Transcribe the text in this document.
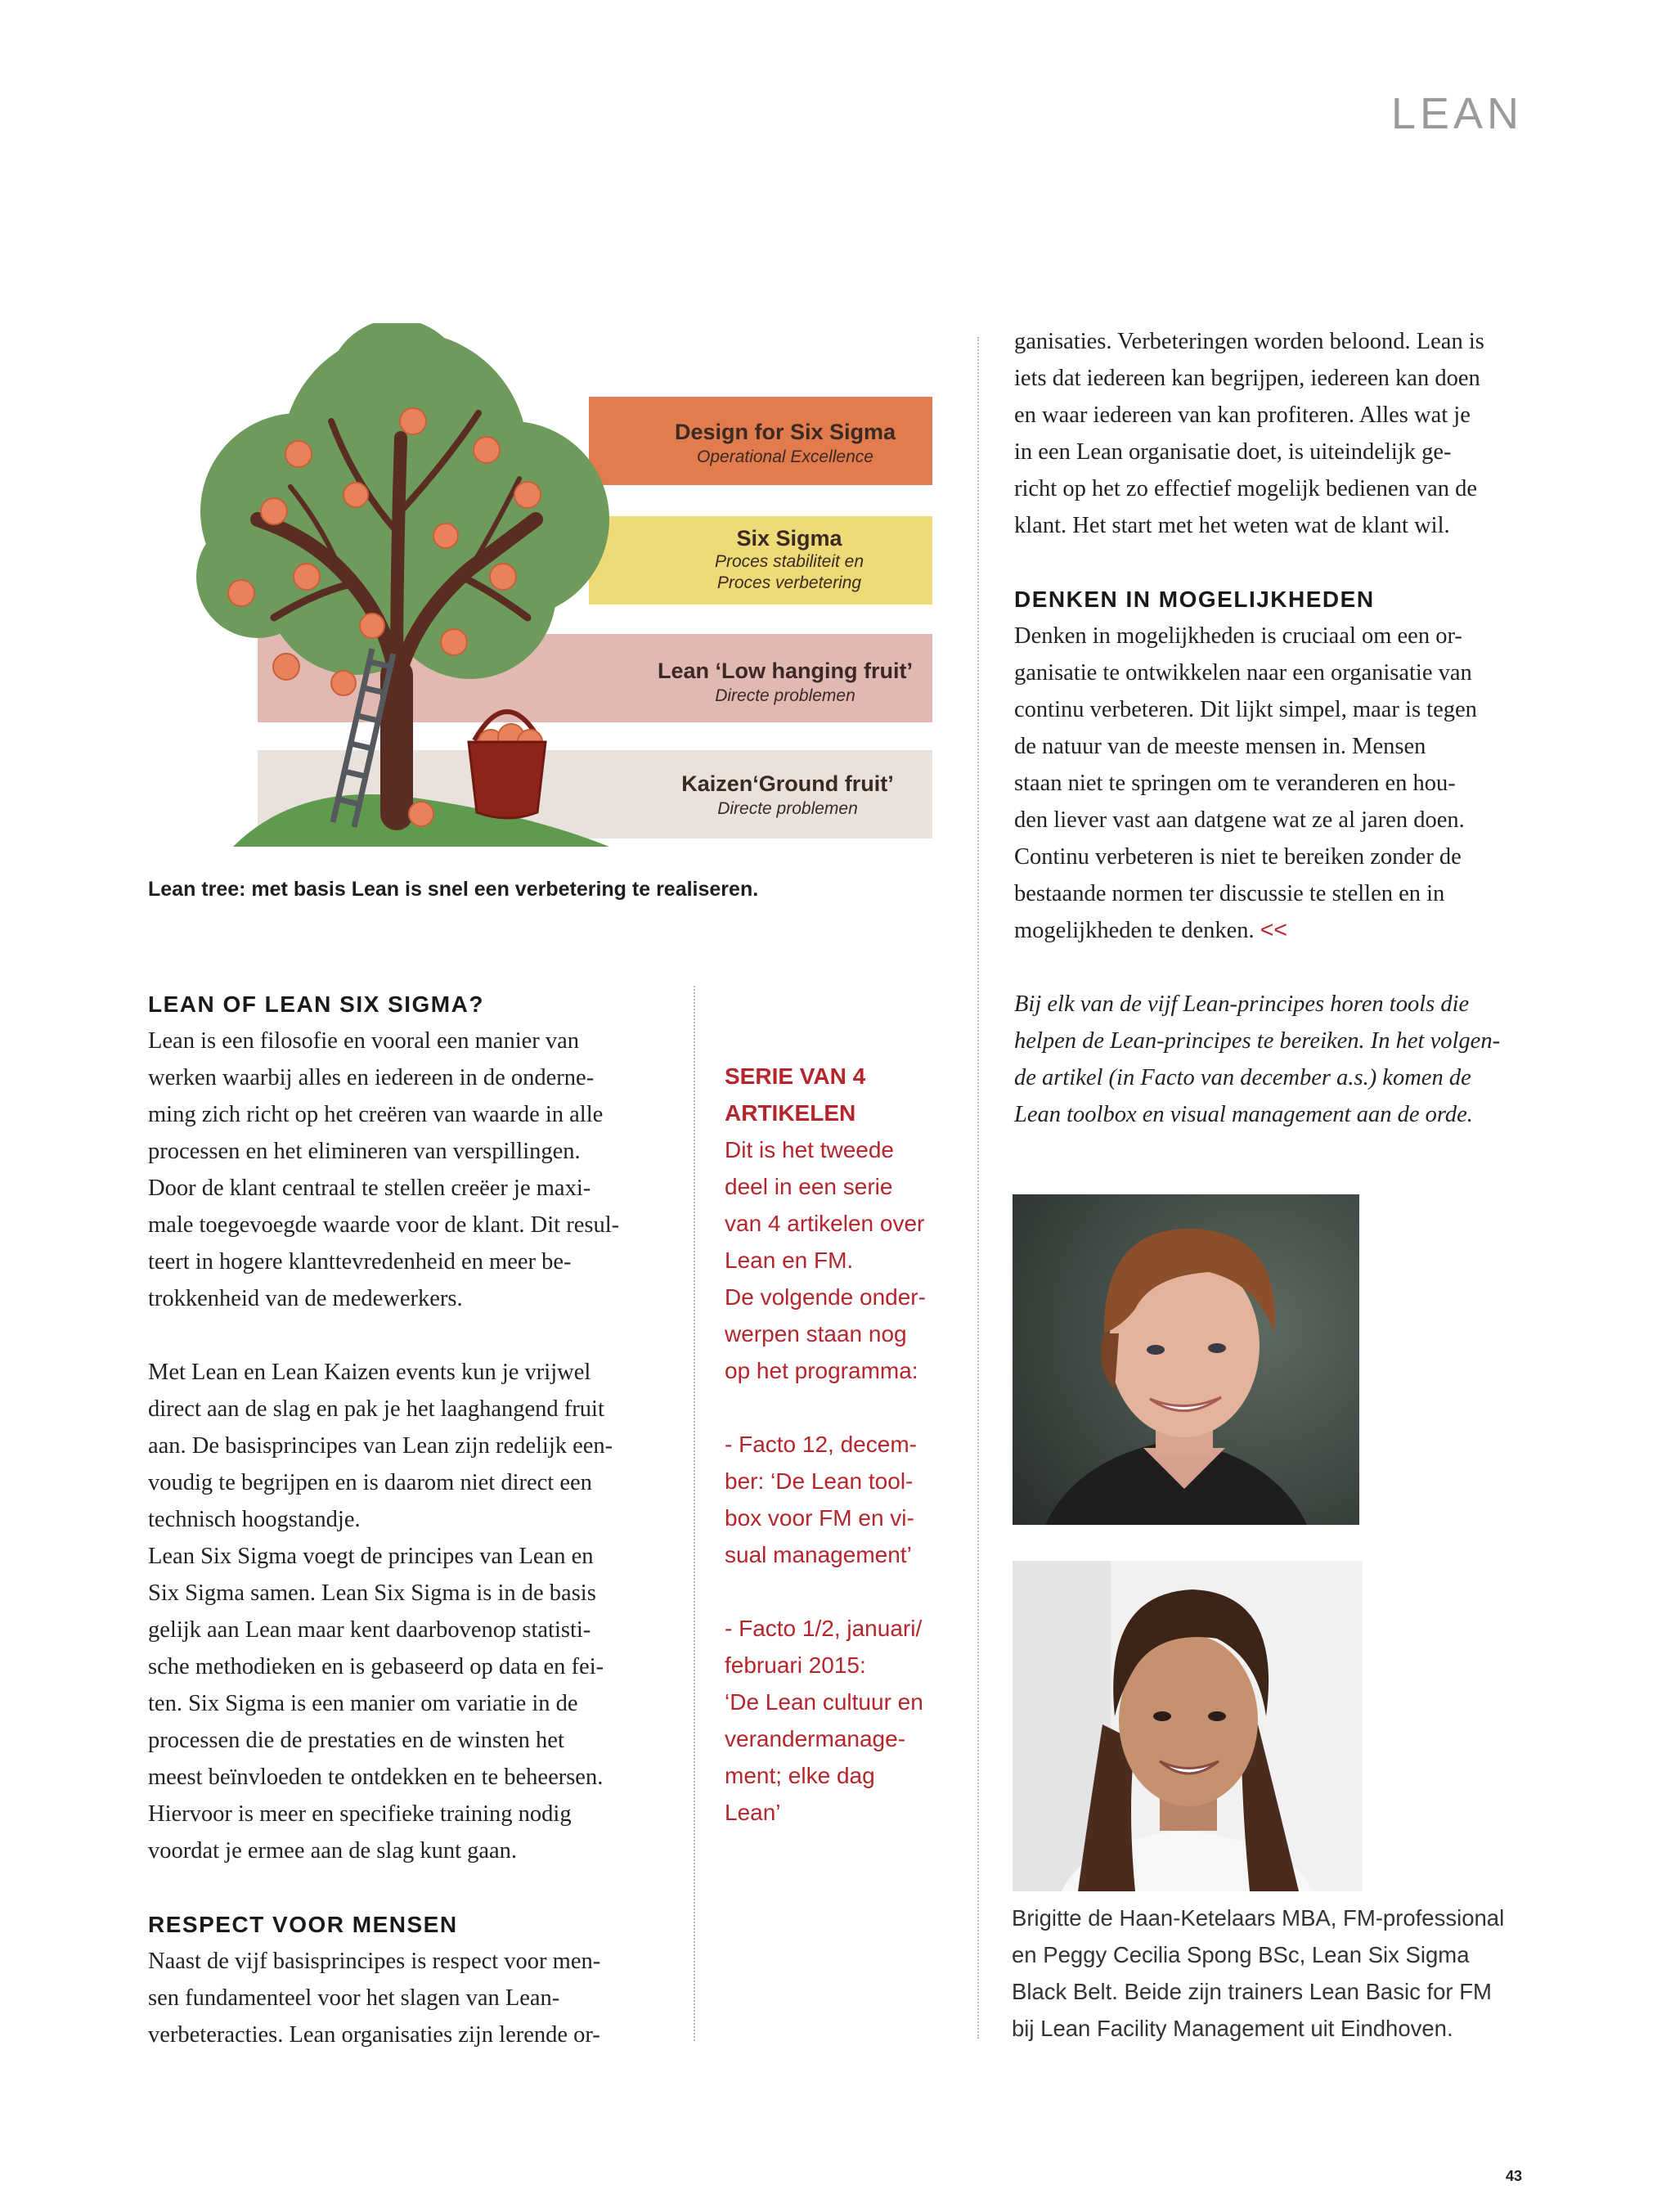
LEAN
Design for Six Sigma
Operational Excellence
Six Sigma
Proces stabiliteit en
Proces verbetering
Lean ‘Low hanging fruit’
Directe problemen
Kaizen‘Ground fruit’
Directe problemen
Lean tree: met basis Lean is snel een verbetering te realiseren.
LEAN OF LEAN SIX SIGMA?

Lean is een filosofie en vooral een manier van

werken waarbij alles en iedereen in de onderne-

ming zich richt op het creëren van waarde in alle

processen en het elimineren van verspillingen.

Door de klant centraal te stellen creëer je maxi-

male toegevoegde waarde voor de klant. Dit resul-

teert in hogere klanttevredenheid en meer be-

trokkenheid van de medewerkers.

Met Lean en Lean Kaizen events kun je vrijwel

direct aan de slag en pak je het laaghangend fruit

aan. De basisprincipes van Lean zijn redelijk een-

voudig te begrijpen en is daarom niet direct een

technisch hoogstandje.

Lean Six Sigma voegt de principes van Lean en

Six Sigma samen. Lean Six Sigma is in de basis

gelijk aan Lean maar kent daarbovenop statisti-

sche methodieken en is gebaseerd op data en fei-

ten. Six Sigma is een manier om variatie in de

processen die de prestaties en de winsten het

meest beïnvloeden te ontdekken en te beheersen.

Hiervoor is meer en specifieke training nodig

voordat je ermee aan de slag kunt gaan.

RESPECT VOOR MENSEN

Naast de vijf basisprincipes is respect voor men-

sen fundamenteel voor het slagen van Lean-

verbeteracties. Lean organisaties zijn lerende or-

SERIE VAN 4

ARTIKELEN

Dit is het tweede

deel in een serie

van 4 artikelen over

Lean en FM.

De volgende onder-

werpen staan nog

op het programma:

- Facto 12, decem-

ber: ‘De Lean tool-

box voor FM en vi-

sual management’

- Facto 1/2, januari/

februari 2015:

‘De Lean cultuur en

verandermanage-

ment; elke dag

Lean’

ganisaties. Verbeteringen worden beloond. Lean is

iets dat iedereen kan begrijpen, iedereen kan doen

en waar iedereen van kan profiteren. Alles wat je

in een Lean organisatie doet, is uiteindelijk ge-

richt op het zo effectief mogelijk bedienen van de

klant. Het start met het weten wat de klant wil.

DENKEN IN MOGELIJKHEDEN

Denken in mogelijkheden is cruciaal om een or-

ganisatie te ontwikkelen naar een organisatie van

continu verbeteren. Dit lijkt simpel, maar is tegen

de natuur van de meeste mensen in. Mensen

staan niet te springen om te veranderen en hou-

den liever vast aan datgene wat ze al jaren doen.

Continu verbeteren is niet te bereiken zonder de

bestaande normen ter discussie te stellen en in

mogelijkheden te denken. <<

Bij elk van de vijf Lean-principes horen tools die

helpen de Lean-principes te bereiken. In het volgen-

de artikel (in Facto van december a.s.) komen de

Lean toolbox en visual management aan de orde.

Brigitte de Haan-Ketelaars MBA, FM-professional

en Peggy Cecilia Spong BSc, Lean Six Sigma

Black Belt. Beide zijn trainers Lean Basic for FM

bij Lean Facility Management uit Eindhoven.

43
